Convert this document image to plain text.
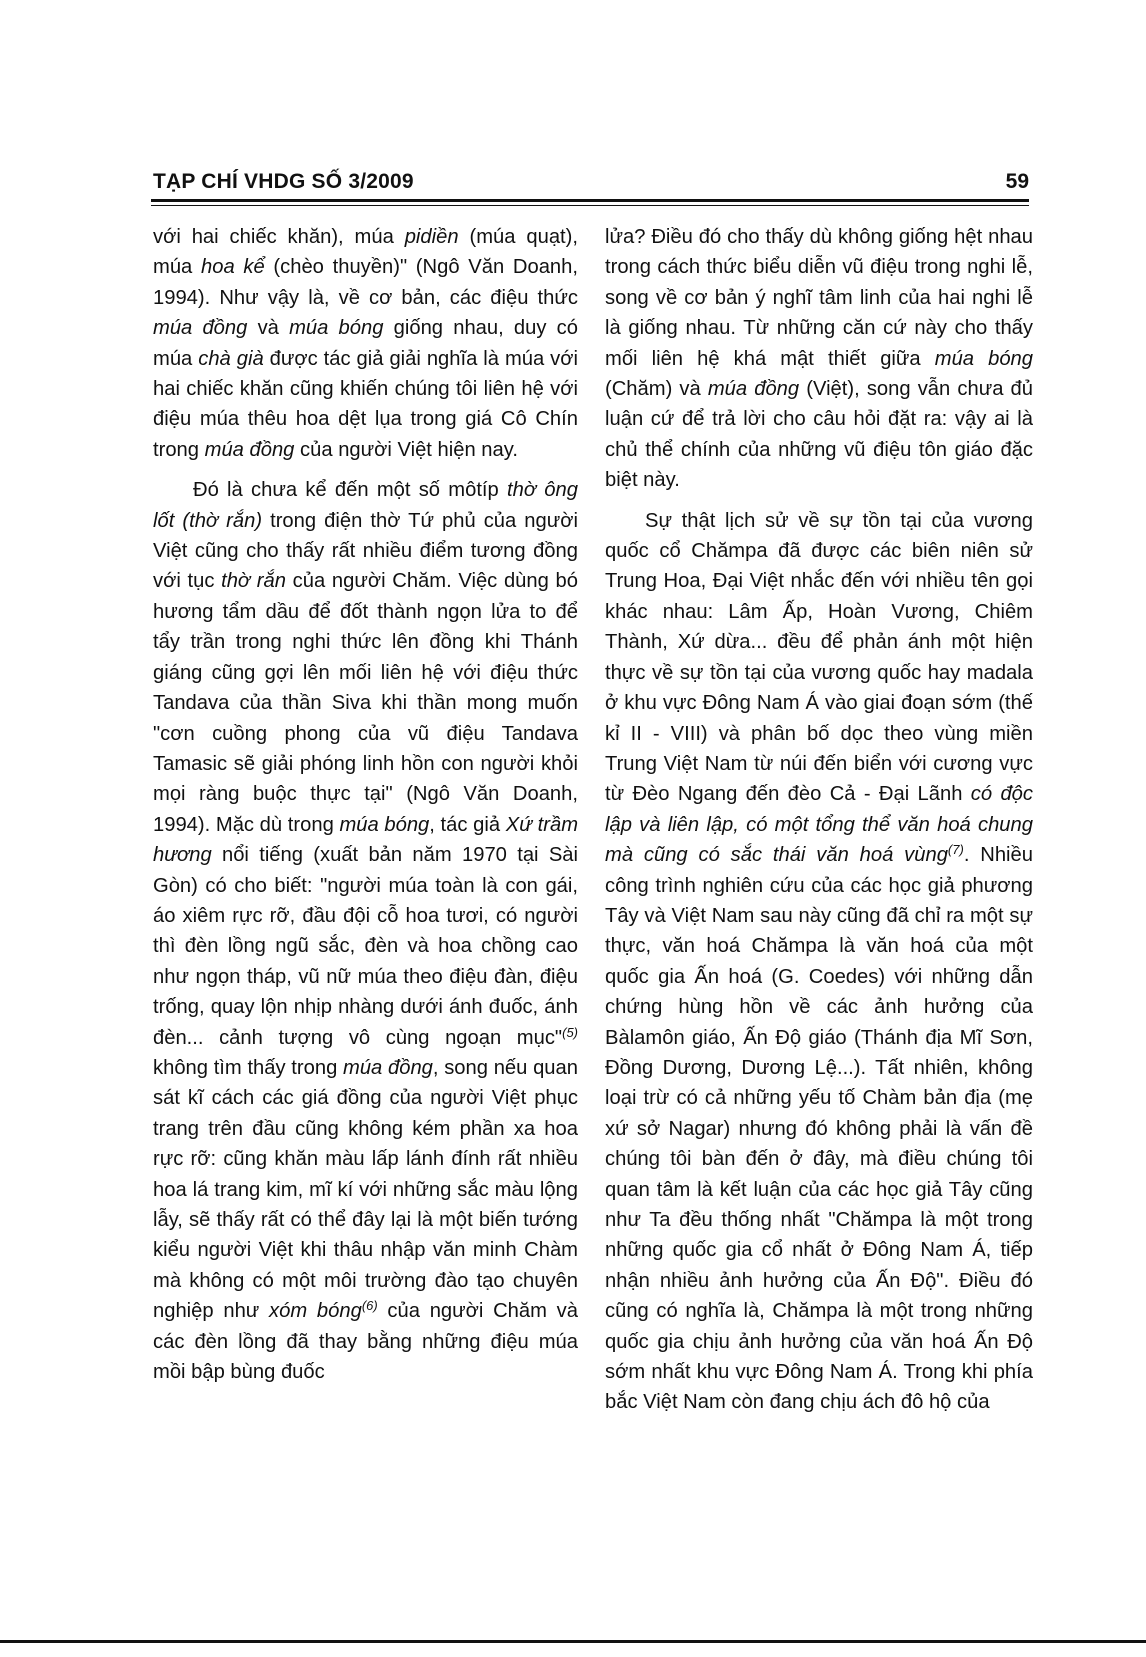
TẠP CHÍ VHDG SỐ 3/2009	59

với hai chiếc khăn), múa pidiền (múa quạt), múa hoa kể (chèo thuyền)" (Ngô Văn Doanh, 1994). Như vậy là, về cơ bản, các điệu thức múa đồng và múa bóng giống nhau, duy có múa chà già được tác giả giải nghĩa là múa với hai chiếc khăn cũng khiến chúng tôi liên hệ với điệu múa thêu hoa dệt lụa trong giá Cô Chín trong múa đồng của người Việt hiện nay.

Đó là chưa kể đến một số môtíp thờ ông lốt (thờ rắn) trong điện thờ Tứ phủ của người Việt cũng cho thấy rất nhiều điểm tương đồng với tục thờ rắn của người Chăm. Việc dùng bó hương tẩm dầu để đốt thành ngọn lửa to để tẩy trần trong nghi thức lên đồng khi Thánh giáng cũng gợi lên mối liên hệ với điệu thức Tandava của thần Siva khi thần mong muốn "cơn cuồng phong của vũ điệu Tandava Tamasic sẽ giải phóng linh hồn con người khỏi mọi ràng buộc thực tại" (Ngô Văn Doanh, 1994). Mặc dù trong múa bóng, tác giả Xứ trầm hương nổi tiếng (xuất bản năm 1970 tại Sài Gòn) có cho biết: "người múa toàn là con gái, áo xiêm rực rỡ, đầu đội cỗ hoa tươi, có người thì đèn lồng ngũ sắc, đèn và hoa chồng cao như ngọn tháp, vũ nữ múa theo điệu đàn, điệu trống, quay lộn nhịp nhàng dưới ánh đuốc, ánh đèn... cảnh tượng vô cùng ngoạn mục"$^{(5)}$ không tìm thấy trong múa đồng, song nếu quan sát kĩ cách các giá đồng của người Việt phục trang trên đầu cũng không kém phần xa hoa rực rỡ: cũng khăn màu lấp lánh đính rất nhiều hoa lá trang kim, mĩ kí với những sắc màu lộng lẫy, sẽ thấy rất có thể đây lại là một biến tướng kiểu người Việt khi thâu nhập văn minh Chàm mà không có một môi trường đào tạo chuyên nghiệp như xóm bóng$^{(6)}$ của người Chăm và các đèn lồng đã thay bằng những điệu múa mồi bập bùng đuốc

lửa? Điều đó cho thấy dù không giống hệt nhau trong cách thức biểu diễn vũ điệu trong nghi lễ, song về cơ bản ý nghĩ tâm linh của hai nghi lễ là giống nhau. Từ những căn cứ này cho thấy mối liên hệ khá mật thiết giữa múa bóng (Chăm) và múa đồng (Việt), song vẫn chưa đủ luận cứ để trả lời cho câu hỏi đặt ra: vậy ai là chủ thể chính của những vũ điệu tôn giáo đặc biệt này.

Sự thật lịch sử về sự tồn tại của vương quốc cổ Chămpa đã được các biên niên sử Trung Hoa, Đại Việt nhắc đến với nhiều tên gọi khác nhau: Lâm Ấp, Hoàn Vương, Chiêm Thành, Xứ dừa... đều để phản ánh một hiện thực về sự tồn tại của vương quốc hay madala ở khu vực Đông Nam Á vào giai đoạn sớm (thế kỉ II - VIII) và phân bố dọc theo vùng miền Trung Việt Nam từ núi đến biển với cương vực từ Đèo Ngang đến đèo Cả - Đại Lãnh có độc lập và liên lập, có một tổng thể văn hoá chung mà cũng có sắc thái văn hoá vùng$^{(7)}$. Nhiều công trình nghiên cứu của các học giả phương Tây và Việt Nam sau này cũng đã chỉ ra một sự thực, văn hoá Chămpa là văn hoá của một quốc gia Ấn hoá (G. Coedes) với những dẫn chứng hùng hồn về các ảnh hưởng của Bàlamôn giáo, Ấn Độ giáo (Thánh địa Mĩ Sơn, Đồng Dương, Dương Lệ...). Tất nhiên, không loại trừ có cả những yếu tố Chàm bản địa (mẹ xứ sở Nagar) nhưng đó không phải là vấn đề chúng tôi bàn đến ở đây, mà điều chúng tôi quan tâm là kết luận của các học giả Tây cũng như Ta đều thống nhất "Chămpa là một trong những quốc gia cổ nhất ở Đông Nam Á, tiếp nhận nhiều ảnh hưởng của Ấn Độ". Điều đó cũng có nghĩa là, Chămpa là một trong những quốc gia chịu ảnh hưởng của văn hoá Ấn Độ sớm nhất khu vực Đông Nam Á. Trong khi phía bắc Việt Nam còn đang chịu ách đô hộ của
